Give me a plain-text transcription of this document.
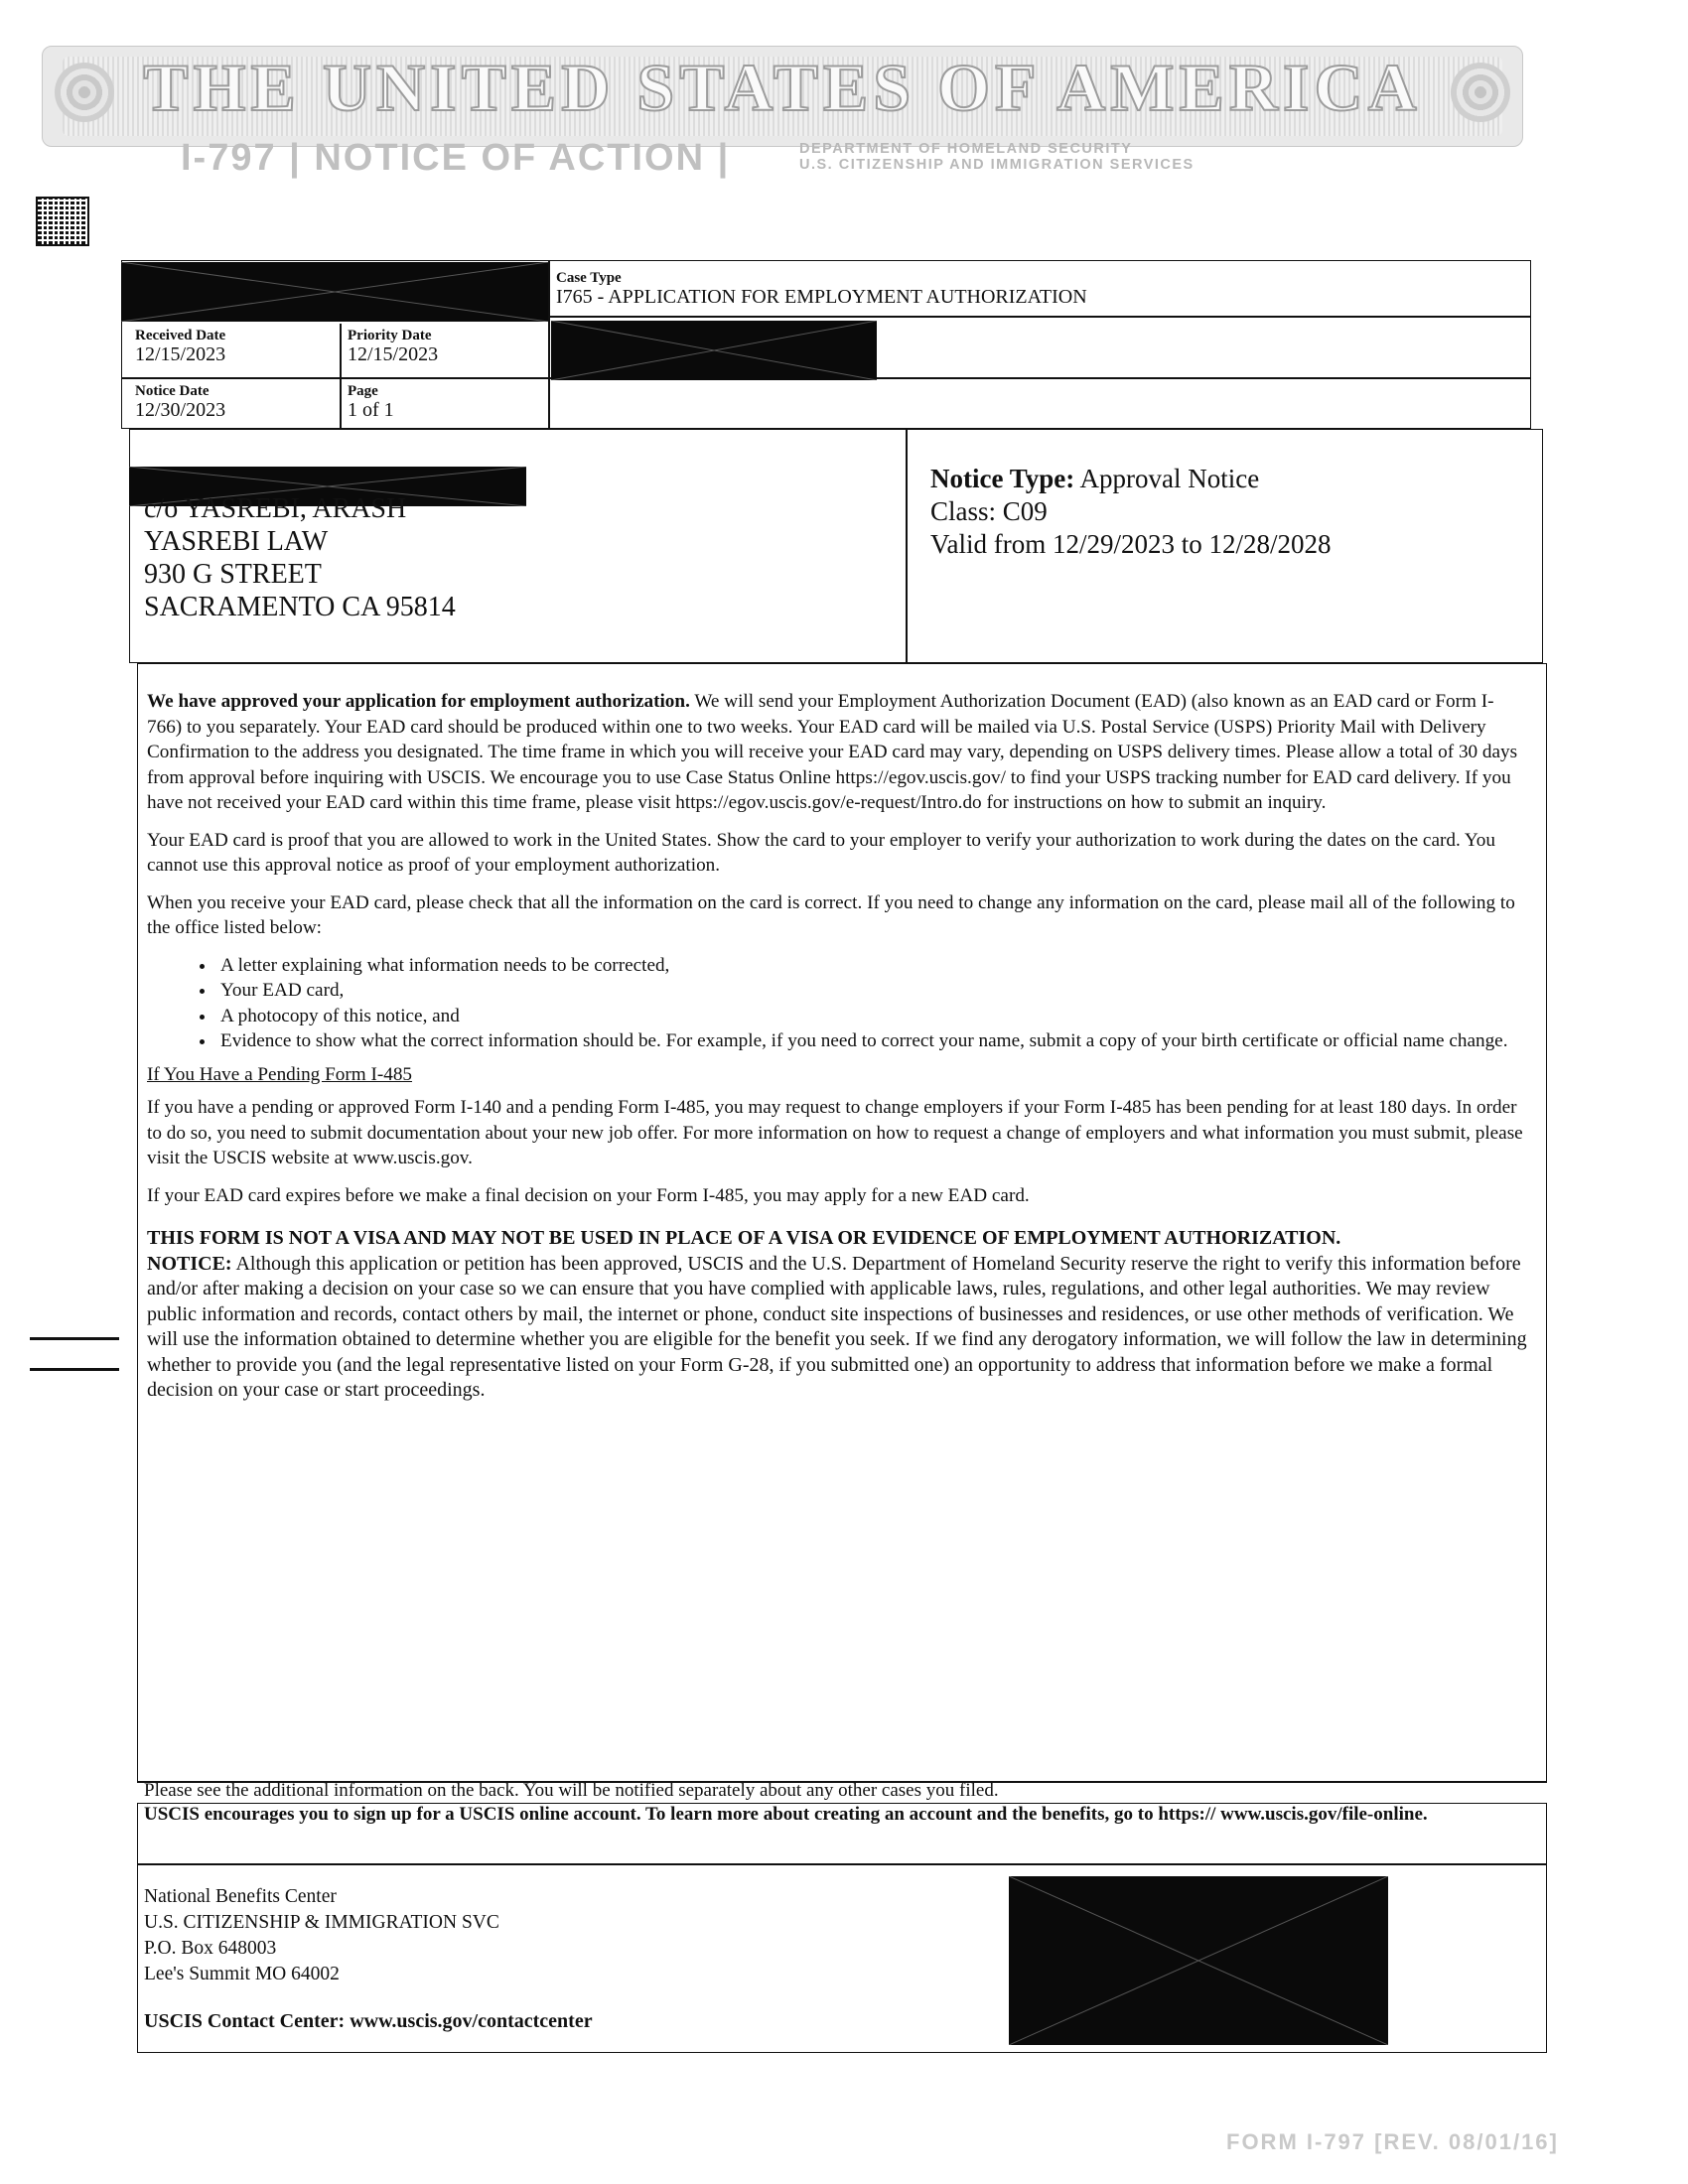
THE UNITED STATES OF AMERICA
I-797 | NOTICE OF ACTION |	DEPARTMENT OF HOMELAND SECURITY
U.S. CITIZENSHIP AND IMMIGRATION SERVICES
Case Type
I765 - APPLICATION FOR EMPLOYMENT AUTHORIZATION
Received Date
12/15/2023
Priority Date
12/15/2023
Notice Date
12/30/2023
Page
1 of 1
c/o YASREBI, ARASH
YASREBI LAW
930 G STREET
SACRAMENTO CA 95814
Notice Type: Approval Notice
Class: C09
Valid from 12/29/2023 to 12/28/2028

We have approved your application for employment authorization. We will send your Employment Authorization Document (EAD) (also known as an EAD card or Form I-766) to you separately. Your EAD card should be produced within one to two weeks. Your EAD card will be mailed via U.S. Postal Service (USPS) Priority Mail with Delivery Confirmation to the address you designated. The time frame in which you will receive your EAD card may vary, depending on USPS delivery times. Please allow a total of 30 days from approval before inquiring with USCIS. We encourage you to use Case Status Online https://egov.uscis.gov/ to find your USPS tracking number for EAD card delivery. If you have not received your EAD card within this time frame, please visit https://egov.uscis.gov/e-request/Intro.do for instructions on how to submit an inquiry.

Your EAD card is proof that you are allowed to work in the United States. Show the card to your employer to verify your authorization to work during the dates on the card. You cannot use this approval notice as proof of your employment authorization.

When you receive your EAD card, please check that all the information on the card is correct. If you need to change any information on the card, please mail all of the following to the office listed below:

• A letter explaining what information needs to be corrected,
• Your EAD card,
• A photocopy of this notice, and
• Evidence to show what the correct information should be. For example, if you need to correct your name, submit a copy of your birth certificate or official name change.

If You Have a Pending Form I-485

If you have a pending or approved Form I-140 and a pending Form I-485, you may request to change employers if your Form I-485 has been pending for at least 180 days. In order to do so, you need to submit documentation about your new job offer. For more information on how to request a change of employers and what information you must submit, please visit the USCIS website at www.uscis.gov.

If your EAD card expires before we make a final decision on your Form I-485, you may apply for a new EAD card.

THIS FORM IS NOT A VISA AND MAY NOT BE USED IN PLACE OF A VISA OR EVIDENCE OF EMPLOYMENT AUTHORIZATION.
NOTICE: Although this application or petition has been approved, USCIS and the U.S. Department of Homeland Security reserve the right to verify this information before and/or after making a decision on your case so we can ensure that you have complied with applicable laws, rules, regulations, and other legal authorities. We may review public information and records, contact others by mail, the internet or phone, conduct site inspections of businesses and residences, or use other methods of verification. We will use the information obtained to determine whether you are eligible for the benefit you seek. If we find any derogatory information, we will follow the law in determining whether to provide you (and the legal representative listed on your Form G-28, if you submitted one) an opportunity to address that information before we make a formal decision on your case or start proceedings.

Please see the additional information on the back. You will be notified separately about any other cases you filed.
USCIS encourages you to sign up for a USCIS online account. To learn more about creating an account and the benefits, go to https:// www.uscis.gov/file-online.
National Benefits Center
U.S. CITIZENSHIP & IMMIGRATION SVC
P.O. Box 648003
Lee's Summit MO 64002
USCIS Contact Center: www.uscis.gov/contactcenter
FORM I-797 [REV. 08/01/16]
